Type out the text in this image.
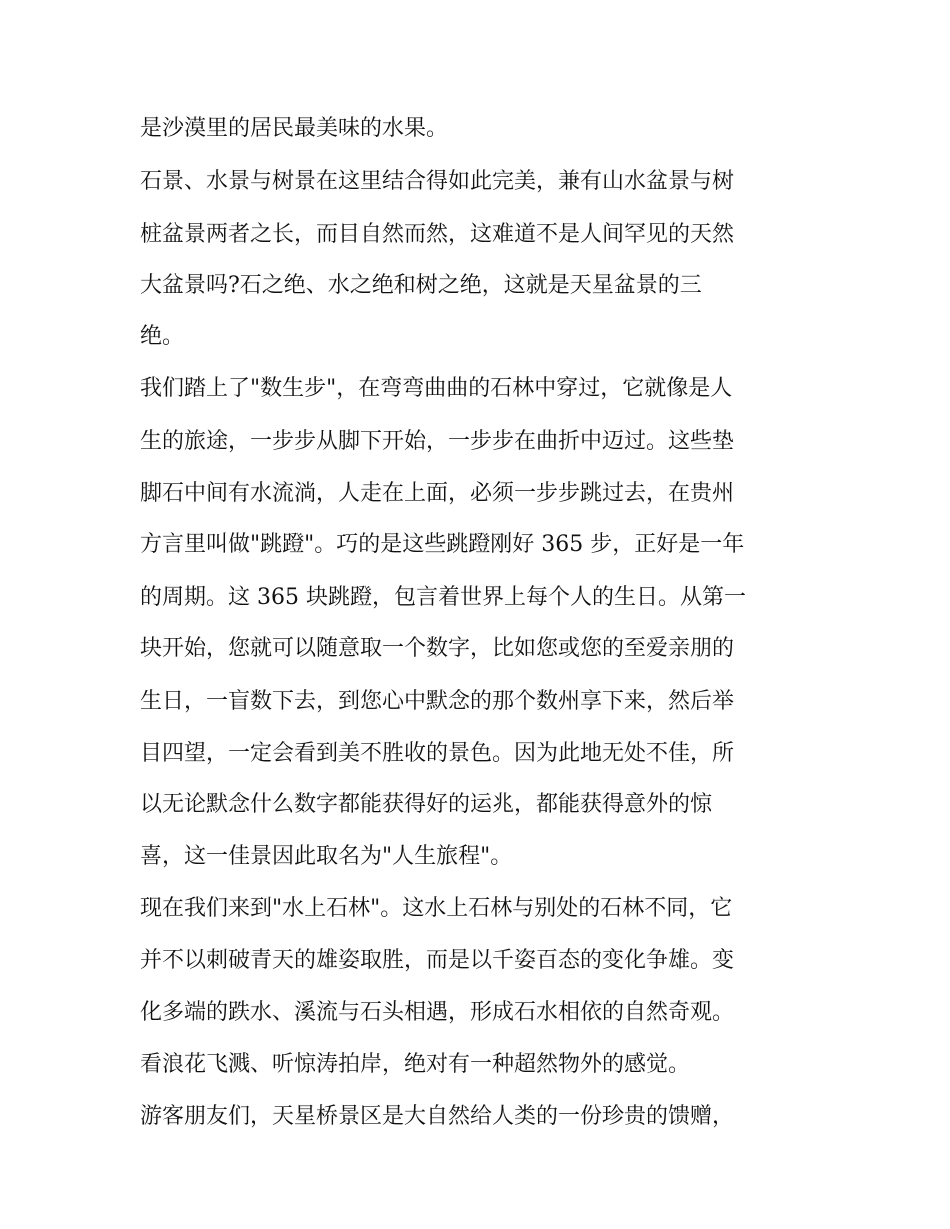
是沙漠里的居民最美味的水果。

石景、水景与树景在这里结合得如此完美，兼有山水盆景与树

桩盆景两者之长，而目自然而然，这难道不是人间罕见的天然

大盆景吗?石之绝、水之绝和树之绝，这就是天星盆景的三

绝。

我们踏上了"数生步"，在弯弯曲曲的石林中穿过，它就像是人

生的旅途，一步步从脚下开始，一步步在曲折中迈过。这些垫

脚石中间有水流淌，人走在上面，必须一步步跳过去，在贵州

方言里叫做"跳蹬"。巧的是这些跳蹬刚好 365 步，正好是一年

的周期。这 365 块跳蹬，包言着世界上每个人的生日。从第一

块开始，您就可以随意取一个数字，比如您或您的至爱亲朋的

生日，一盲数下去，到您心中默念的那个数州享下来，然后举

目四望，一定会看到美不胜收的景色。因为此地无处不佳，所

以无论默念什么数字都能获得好的运兆，都能获得意外的惊

喜，这一佳景因此取名为"人生旅程"。

现在我们来到"水上石林"。这水上石林与别处的石林不同，它

并不以刺破青天的雄姿取胜，而是以千姿百态的变化争雄。变

化多端的跌水、溪流与石头相遇，形成石水相依的自然奇观。

看浪花飞溅、听惊涛拍岸，绝对有一种超然物外的感觉。

游客朋友们，天星桥景区是大自然给人类的一份珍贵的馈赠，
